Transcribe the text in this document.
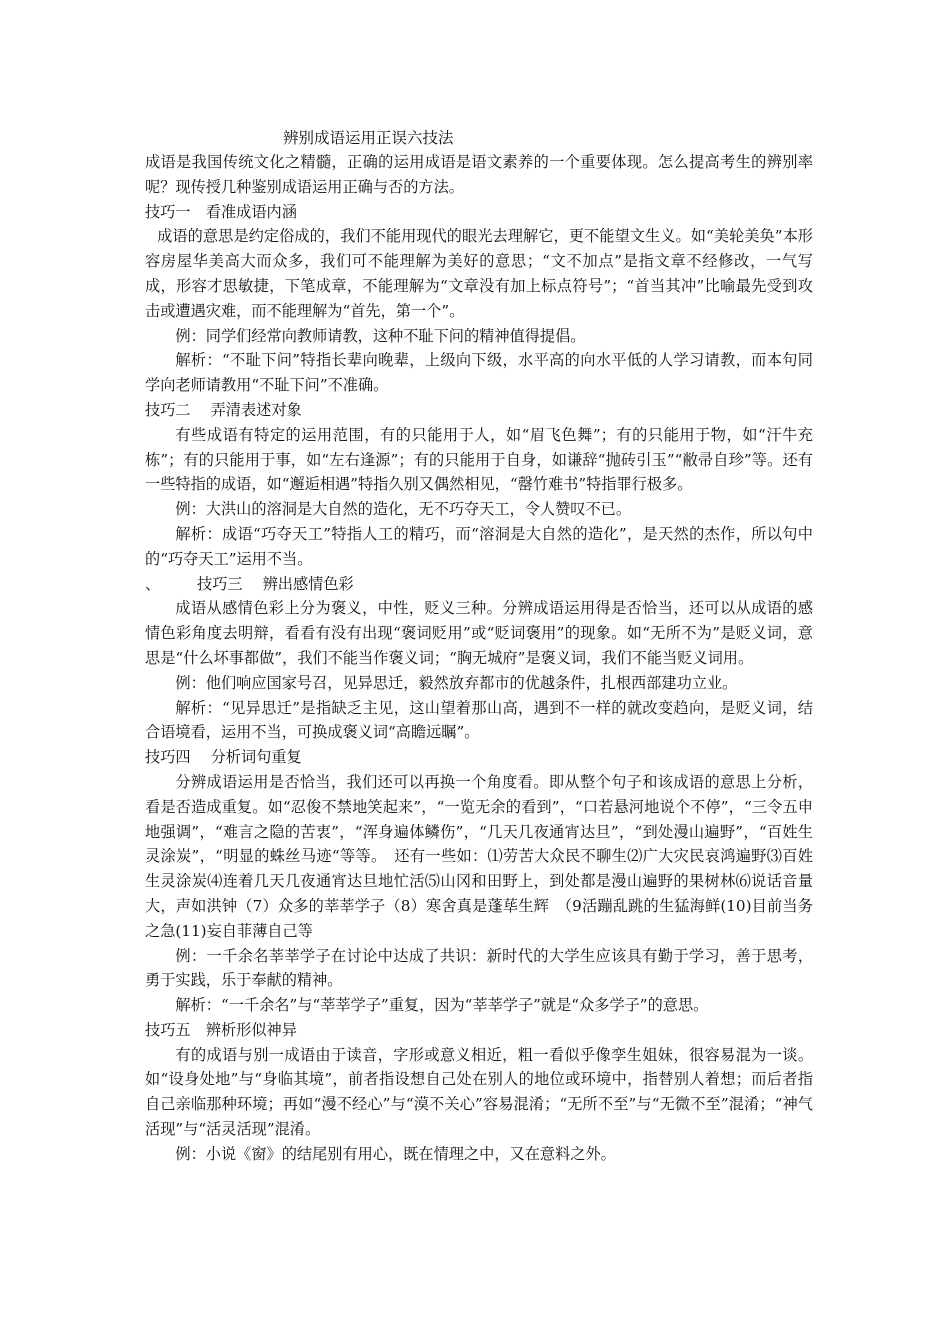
辨别成语运用正误六技法

成语是我国传统文化之精髓，正确的运用成语是语文素养的一个重要体现。怎么提高考生的辨别率呢？现传授几种鉴别成语运用正确与否的方法。

技巧一　看准成语内涵

成语的意思是约定俗成的，我们不能用现代的眼光去理解它，更不能望文生义。如“美轮美奂”本形容房屋华美高大而众多，我们可不能理解为美好的意思；“文不加点”是指文章不经修改，一气写成，形容才思敏捷，下笔成章，不能理解为“文章没有加上标点符号”；“首当其冲”比喻最先受到攻击或遭遇灾难，而不能理解为“首先，第一个”。

例：同学们经常向教师请教，这种不耻下问的精神值得提倡。

解析：“不耻下问”特指长辈向晚辈，上级向下级，水平高的向水平低的人学习请教，而本句同学向老师请教用“不耻下问”不准确。

技巧二　 弄清表述对象

有些成语有特定的运用范围，有的只能用于人，如“眉飞色舞”；有的只能用于物，如“汗牛充栋”；有的只能用于事，如“左右逢源”；有的只能用于自身，如谦辞“抛砖引玉”“敝帚自珍”等。还有一些特指的成语，如“邂逅相遇”特指久别又偶然相见，“罄竹难书”特指罪行极多。

例：大洪山的溶洞是大自然的造化，无不巧夺天工，令人赞叹不已。

解析：成语“巧夺天工”特指人工的精巧，而“溶洞是大自然的造化”，是天然的杰作，所以句中的“巧夺天工”运用不当。

、 技巧三　 辨出感情色彩

成语从感情色彩上分为褒义，中性，贬义三种。分辨成语运用得是否恰当，还可以从成语的感情色彩角度去明辩，看看有没有出现“褒词贬用”或“贬词褒用”的现象。如“无所不为”是贬义词，意思是“什么坏事都做”，我们不能当作褒义词；“胸无城府”是褒义词，我们不能当贬义词用。

例：他们响应国家号召，见异思迁，毅然放弃都市的优越条件，扎根西部建功立业。

解析：“见异思迁”是指缺乏主见，这山望着那山高，遇到不一样的就改变趋向，是贬义词，结合语境看，运用不当，可换成褒义词“高瞻远瞩”。

技巧四　 分析词句重复

分辨成语运用是否恰当，我们还可以再换一个角度看。即从整个句子和该成语的意思上分析，看是否造成重复。如“忍俊不禁地笑起来”，“一览无余的看到”，“口若悬河地说个不停”，“三令五申地强调”，“难言之隐的苦衷”，“浑身遍体鳞伤”，“几天几夜通宵达旦”，“到处漫山遍野”，“百姓生灵涂炭”，“明显的蛛丝马迹“等等。　还有一些如：⑴劳苦大众民不聊生⑵广大灾民哀鸿遍野⑶百姓生灵涂炭⑷连着几天几夜通宵达旦地忙活⑸山冈和田野上，到处都是漫山遍野的果树林⑹说话音量大，声如洪钟（7）众多的莘莘学子（8）寒舍真是蓬荜生辉　（9活蹦乱跳的生猛海鲜(10)目前当务之急(11)妄自菲薄自己等

例：一千余名莘莘学子在讨论中达成了共识：新时代的大学生应该具有勤于学习，善于思考，勇于实践，乐于奉献的精神。

解析：“一千余名”与“莘莘学子”重复，因为“莘莘学子”就是“众多学子”的意思。

技巧五　辨析形似神异

有的成语与别一成语由于读音，字形或意义相近，粗一看似乎像孪生姐妹，很容易混为一谈。如“设身处地”与“身临其境”，前者指设想自己处在别人的地位或环境中，指替别人着想；而后者指自己亲临那种环境；再如“漫不经心”与“漠不关心”容易混淆；“无所不至”与“无微不至”混淆；“神气活现”与“活灵活现”混淆。

例：小说《窗》的结尾别有用心，既在情理之中，又在意料之外。
